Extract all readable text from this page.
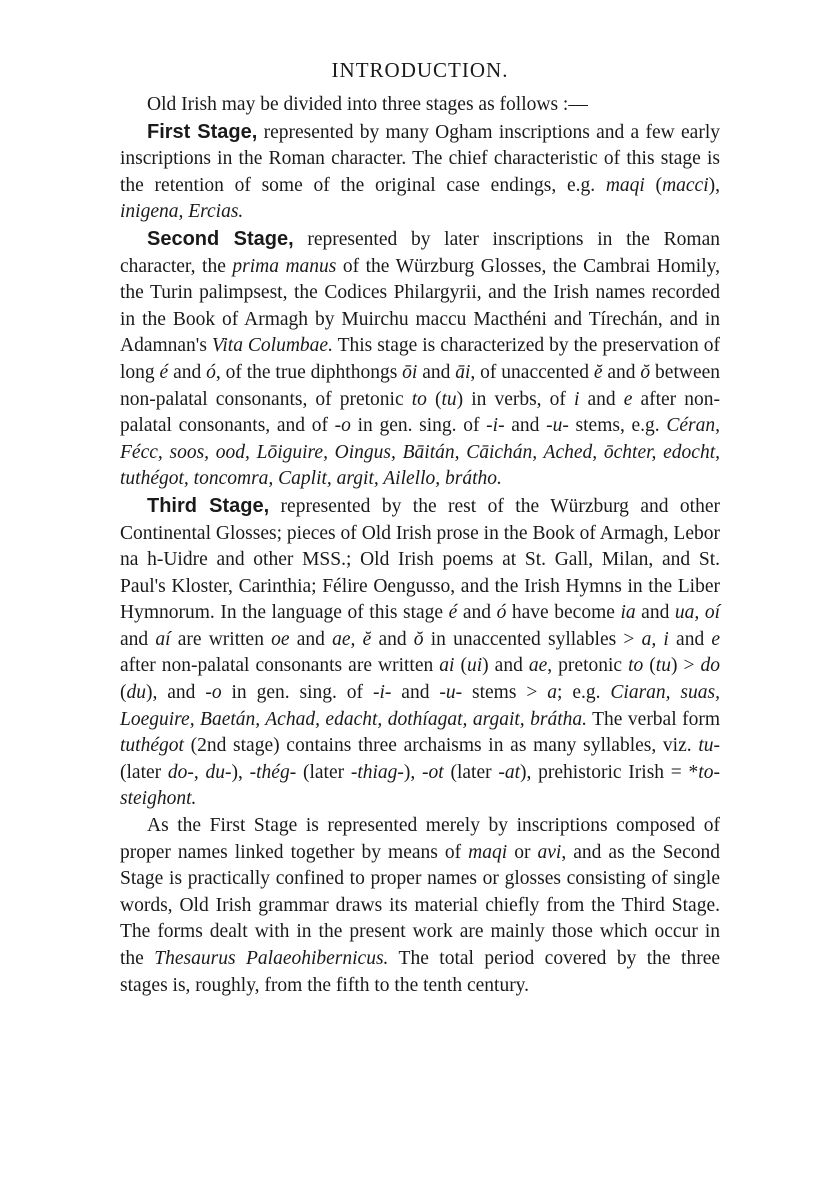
INTRODUCTION.

Old Irish may be divided into three stages as follows :—

First Stage, represented by many Ogham inscriptions and a few early inscriptions in the Roman character. The chief characteristic of this stage is the retention of some of the original case endings, e.g. maqi (macci), inigena, Ercias.

Second Stage, represented by later inscriptions in the Roman character, the prima manus of the Würzburg Glosses, the Cambrai Homily, the Turin palimpsest, the Codices Philargyrii, and the Irish names recorded in the Book of Armagh by Muirchu maccu Macthéni and Tírechán, and in Adamnan's Vita Columbae. This stage is characterized by the preservation of long é and ó, of the true diphthongs ōi and āi, of unaccented ĕ and ŏ between non-palatal consonants, of pretonic to (tu) in verbs, of i and e after non-palatal consonants, and of -o in gen. sing. of -i- and -u- stems, e.g. Céran, Fécc, soos, ood, Lōiguire, Oingus, Bāitán, Cāichán, Ached, ōchter, edocht, tuthégot, toncomra, Caplit, argit, Ailello, brátho.

Third Stage, represented by the rest of the Würzburg and other Continental Glosses; pieces of Old Irish prose in the Book of Armagh, Lebor na h-Uidre and other MSS.; Old Irish poems at St. Gall, Milan, and St. Paul's Kloster, Carinthia; Félire Oengusso, and the Irish Hymns in the Liber Hymnorum. In the language of this stage é and ó have become ia and ua, oí and aí are written oe and ae, ĕ and ŏ in unaccented syllables > a, i and e after non-palatal consonants are written ai (ui) and ae, pretonic to (tu) > do (du), and -o in gen. sing. of -i- and -u- stems > a; e.g. Ciaran, suas, Loeguire, Baetán, Achad, edacht, dothíagat, argait, brátha. The verbal form tuthégot (2nd stage) contains three archaisms in as many syllables, viz. tu- (later do-, du-), -thég- (later -thiag-), -ot (later -at), prehistoric Irish = *to-steighont.

As the First Stage is represented merely by inscriptions composed of proper names linked together by means of maqi or avi, and as the Second Stage is practically confined to proper names or glosses consisting of single words, Old Irish grammar draws its material chiefly from the Third Stage. The forms dealt with in the present work are mainly those which occur in the Thesaurus Palaeohibernicus. The total period covered by the three stages is, roughly, from the fifth to the tenth century.
